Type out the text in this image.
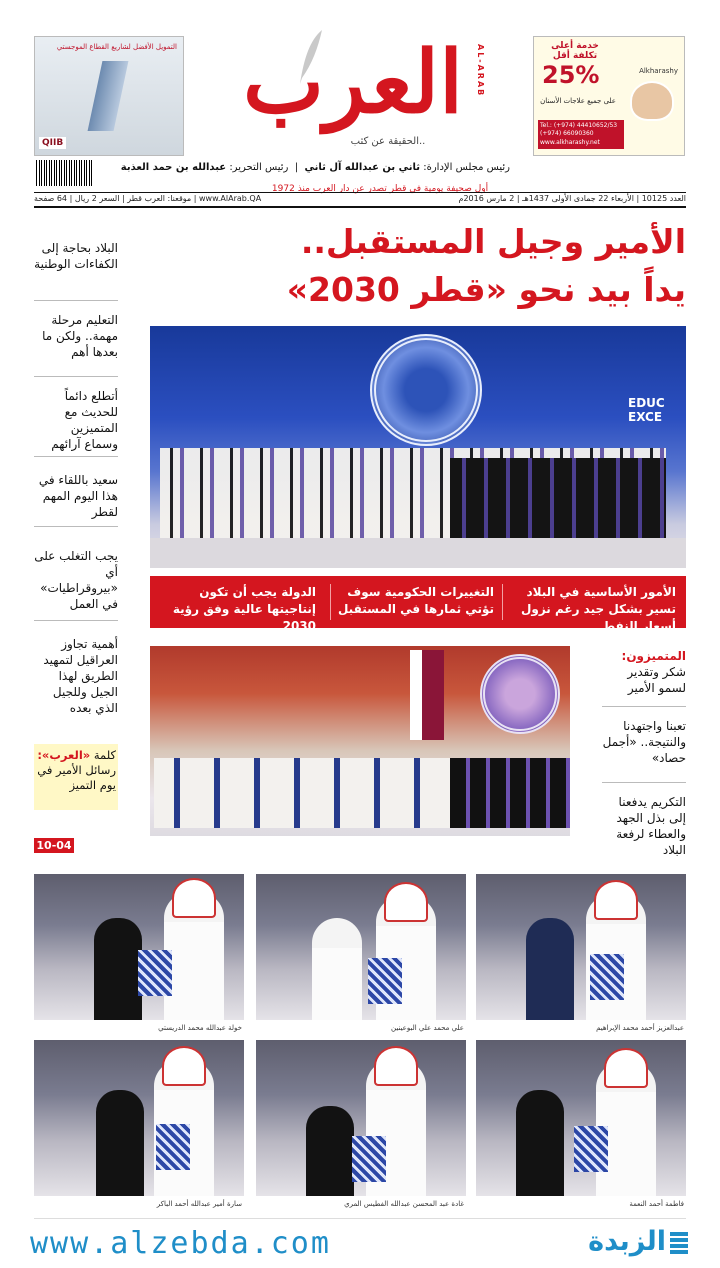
التمويل الأفضل لشاريع القطاع الموجستي
QIIB
خدمة أعلى تكلفة أقل
25%	Alkharashy
على جميع علاجات الأسنان
Tel.: (+974) 44410652/53
(+974) 66090360
www.alkharashy.net
العرب	AL-ARAB
..الحقيقة عن كثب
رئيس مجلس الإدارة: ثاني بن عبدالله آل ثاني  |  رئيس التحرير: عبدالله بن حمد العذبة
أول صحيفة يومية في قطر تصدر عن دار العرب منذ 1972
العدد 10125 | الأربعاء 22 جمادى الأولى 1437هـ | 2 مارس 2016م
www.AlArab.QA | موقعنا: العرب قطر | السعر 2 ريال | 64 صفحة
الأمير وجيل المستقبل..
يداً بيد نحو «قطر 2030»
EDUC
EXCE
الأمور الأساسية في البلاد تسير بشكل جيد رغم نزول أسعار النفط
التغييرات الحكومية سوف تؤتي ثمارها في المستقبل
الدولة يجب أن تكون إنتاجيتها عالية وفق رؤية 2030
البلاد بحاجة إلى الكفاءات الوطنية
التعليم مرحلة مهمة.. ولكن ما بعدها أهم
أتطلع دائماً للحديث مع المتميزين وسماع آرائهم
سعيد باللقاء في هذا اليوم المهم لقطر
يجب التغلب على أي «بيروقراطيات» في العمل
أهمية تجاوز العراقيل لتمهيد الطريق لهذا الجيل وللجيل الذي بعده
كلمة «العرب»:
رسائل الأمير في يوم التميز
10-04
المتميزون:
شكر وتقدير لسمو الأمير
تعبنا واجتهدنا والنتيجة.. «أجمل حصاد»
التكريم يدفعنا إلى بذل الجهد والعطاء لرفعة البلاد
عبدالعزيز أحمد محمد الإبراهيم
علي محمد علي البوعينين
خولة عبدالله محمد الدريستي
فاطمة أحمد النعمة
غادة عبد المحسن عبدالله الفطيس المري
سارة أمير عبدالله أحمد الباكر
www.alzebda.com	الزبدة
